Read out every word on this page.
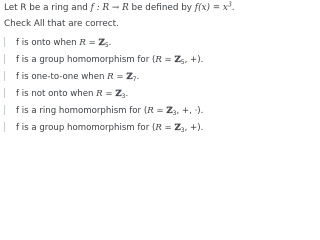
Let R be a ring and f : R → R be defined by $f(x) = x^3$.

Check All that are correct.

f is onto when R = ℤ$_5$.
f is a group homomorphism for (R = ℤ$_5$, +).
f is one-to-one when R = ℤ$_7$.
f is not onto when R = ℤ$_3$.
f is a ring homomorphism for (R = ℤ$_3$, +, ⋅).
f is a group homomorphism for (R = ℤ$_3$, +).
